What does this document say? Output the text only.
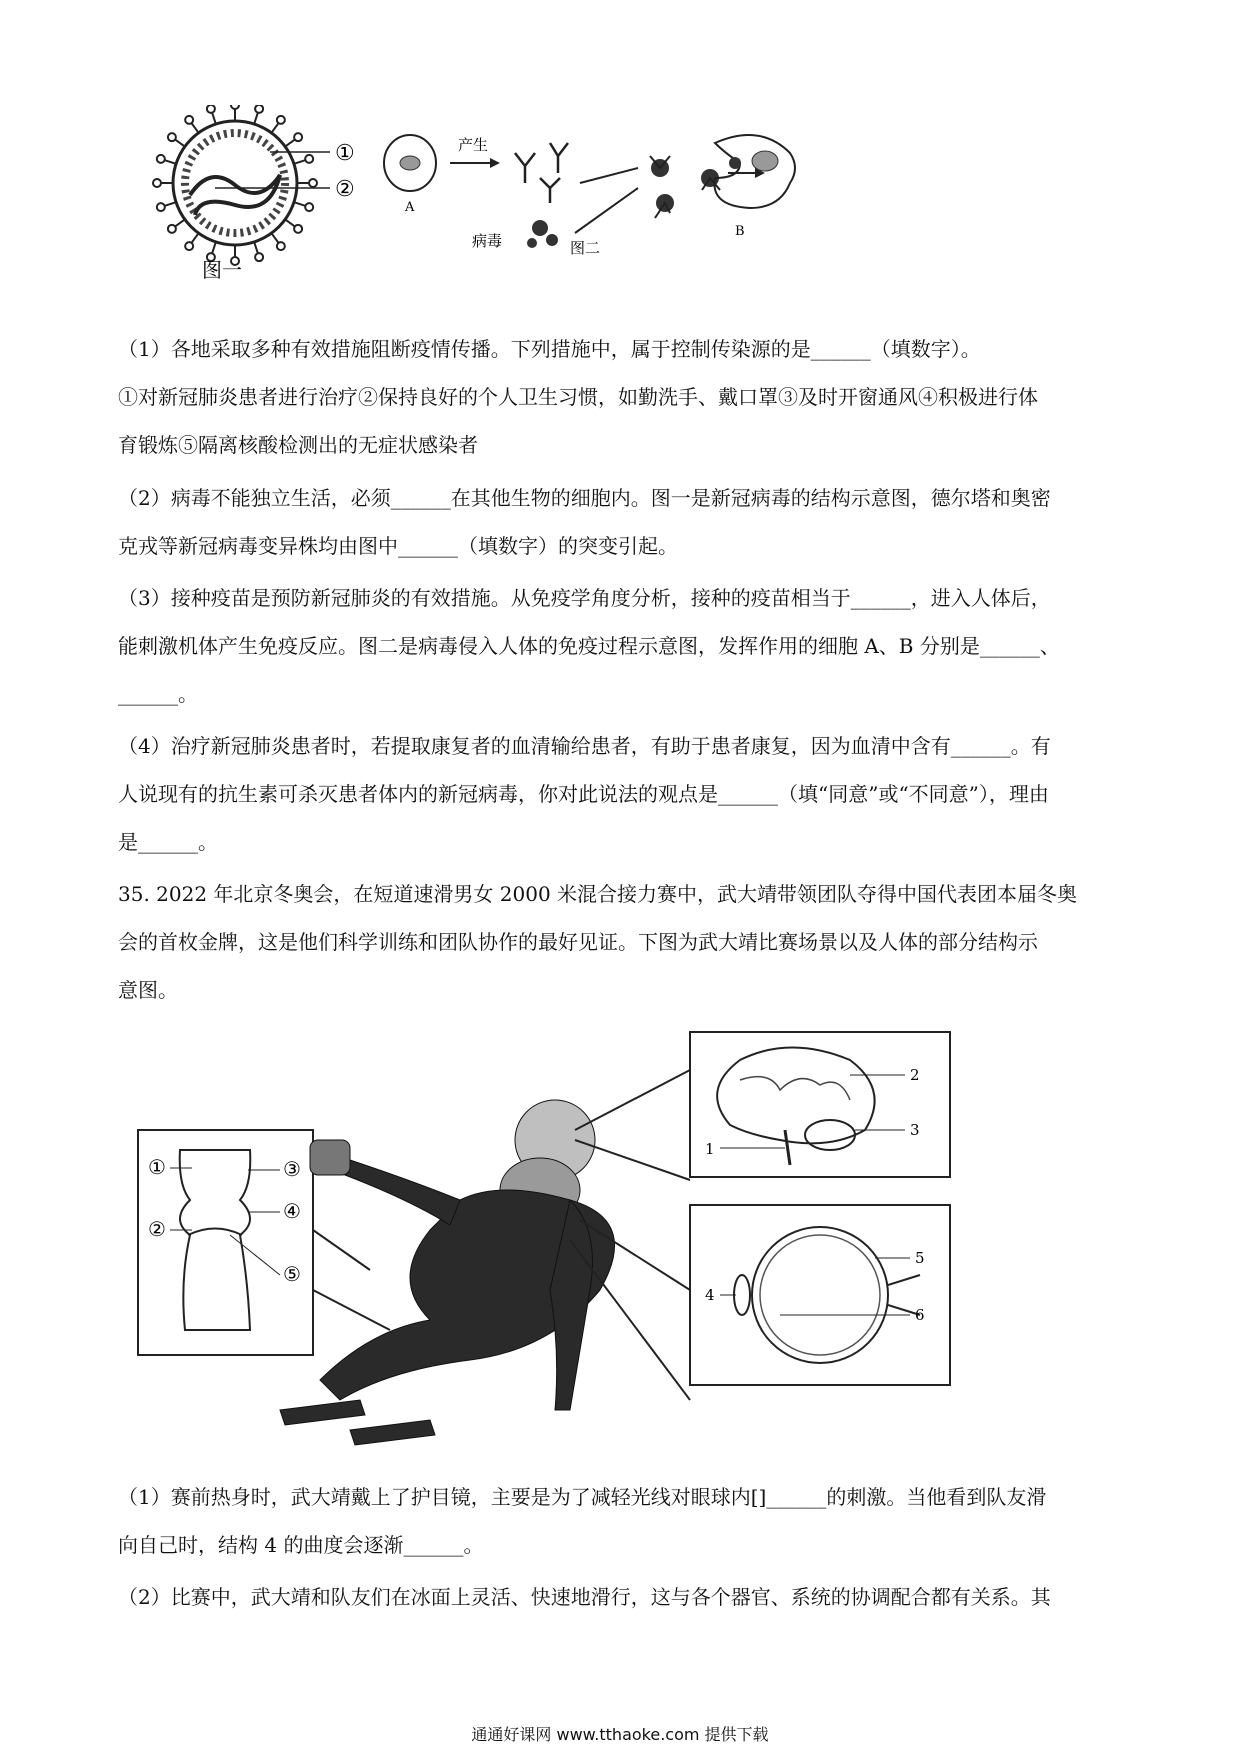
①
②
图一
A
产生
病毒
B
图二
（1）各地采取多种有效措施阻断疫情传播。下列措施中，属于控制传染源的是______（填数字）。
①对新冠肺炎患者进行治疗②保持良好的个人卫生习惯，如勤洗手、戴口罩③及时开窗通风④积极进行体
育锻炼⑤隔离核酸检测出的无症状感染者
（2）病毒不能独立生活，必须______在其他生物的细胞内。图一是新冠病毒的结构示意图，德尔塔和奥密
克戎等新冠病毒变异株均由图中______（填数字）的突变引起。
（3）接种疫苗是预防新冠肺炎的有效措施。从免疫学角度分析，接种的疫苗相当于______，进入人体后，
能刺激机体产生免疫反应。图二是病毒侵入人体的免疫过程示意图，发挥作用的细胞 A、B 分别是______、
______。
（4）治疗新冠肺炎患者时，若提取康复者的血清输给患者，有助于患者康复，因为血清中含有______。有
人说现有的抗生素可杀灭患者体内的新冠病毒，你对此说法的观点是______（填“同意”或“不同意”），理由
是______。
35. 2022 年北京冬奥会，在短道速滑男女 2000 米混合接力赛中，武大靖带领团队夺得中国代表团本届冬奥
会的首枚金牌，这是他们科学训练和团队协作的最好见证。下图为武大靖比赛场景以及人体的部分结构示
意图。
①
②
③
④
⑤
1
2
3
4
5
6
（1）赛前热身时，武大靖戴上了护目镜，主要是为了减轻光线对眼球内[]______的刺激。当他看到队友滑
向自己时，结构 4 的曲度会逐渐______。
（2）比赛中，武大靖和队友们在冰面上灵活、快速地滑行，这与各个器官、系统的协调配合都有关系。其
通通好课网 www.tthaoke.com 提供下载
